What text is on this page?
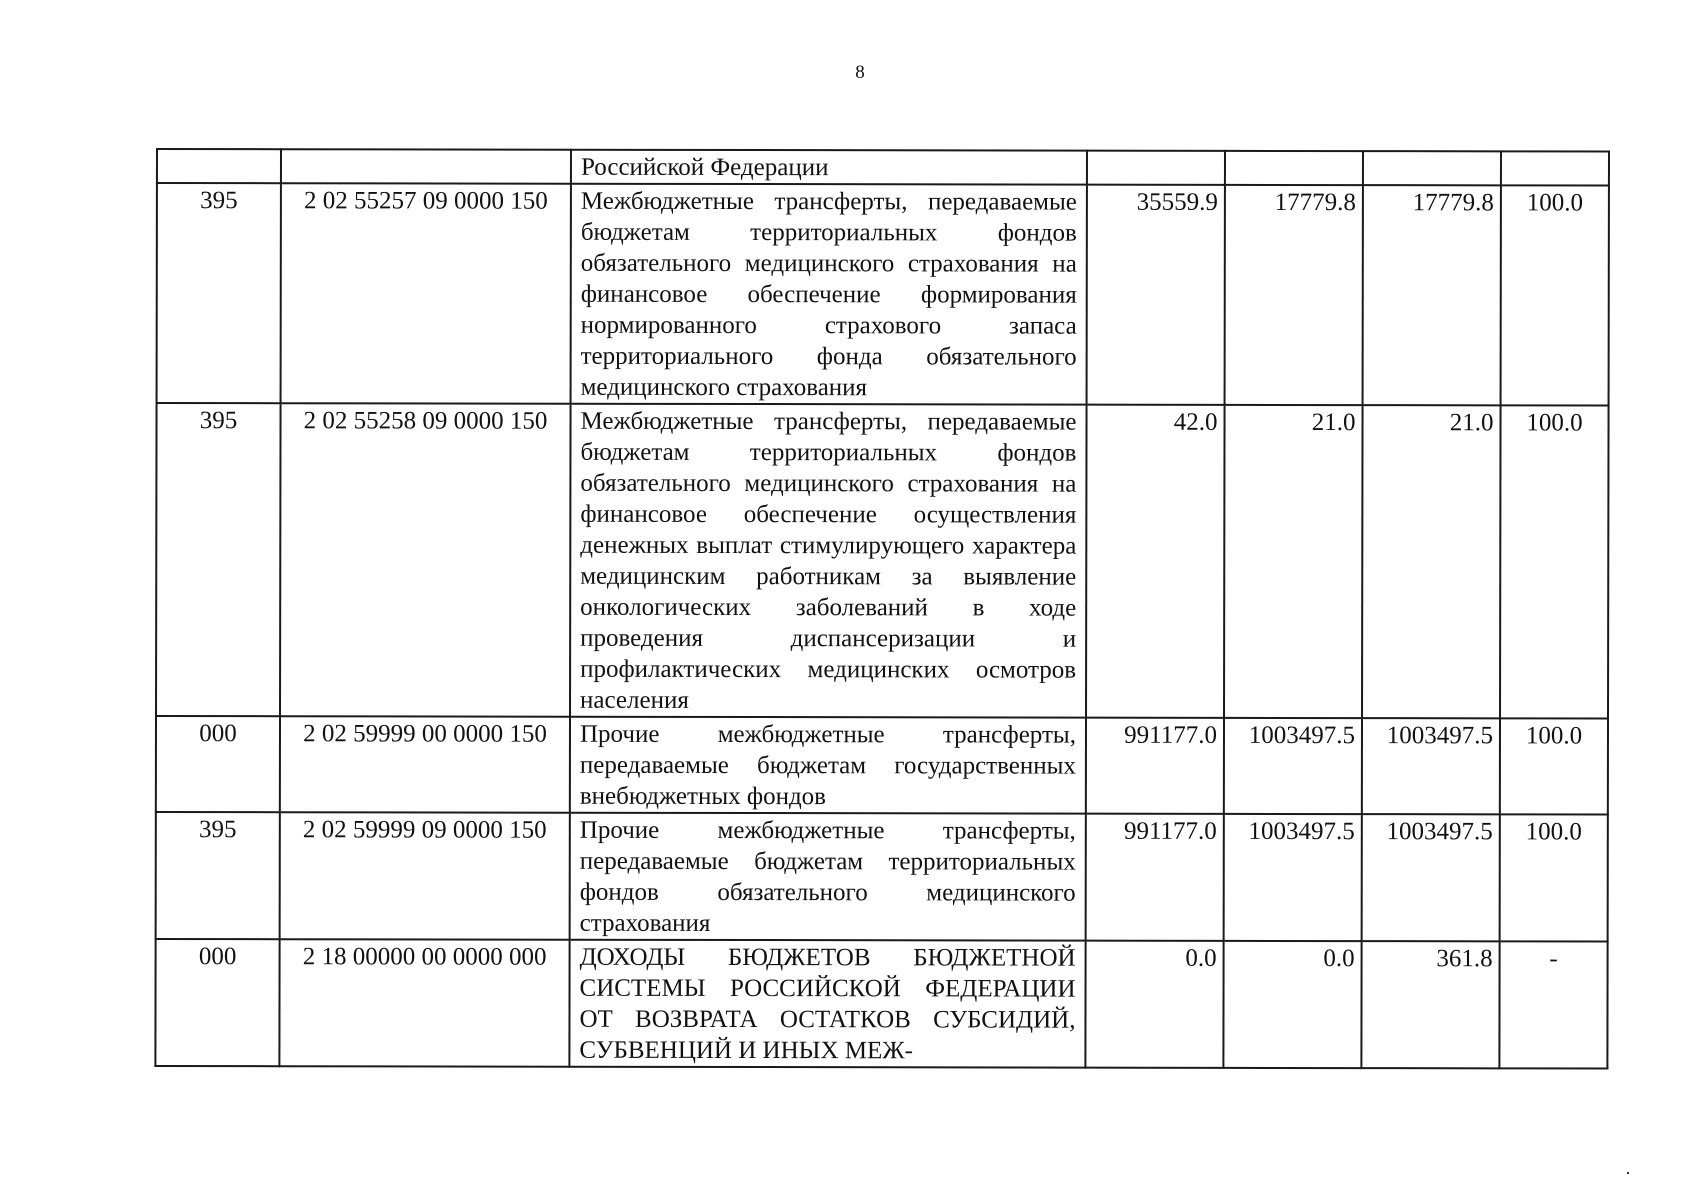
8
		Российской Федерации				
395	2 02 55257 09 0000 150	Межбюджетные трансферты, передаваемые бюджетам территориальных фондов обязательного медицинского страхования на финансовое обеспечение формирования нормированного страхового запаса территориального фонда обязательного медицинского страхования	35559.9	17779.8	17779.8	100.0
395	2 02 55258 09 0000 150	Межбюджетные трансферты, передаваемые бюджетам территориальных фондов обязательного медицинского страхования на финансовое обеспечение осуществления денежных выплат стимулирующего характера медицинским работникам за выявление онкологических заболеваний в ходе проведения диспансеризации и профилактических медицинских осмотров населения	42.0	21.0	21.0	100.0
000	2 02 59999 00 0000 150	Прочие межбюджетные трансферты, передаваемые бюджетам государственных внебюджетных фондов	991177.0	1003497.5	1003497.5	100.0
395	2 02 59999 09 0000 150	Прочие межбюджетные трансферты, передаваемые бюджетам территориальных фондов обязательного медицинского страхования	991177.0	1003497.5	1003497.5	100.0
000	2 18 00000 00 0000 000	ДОХОДЫ БЮДЖЕТОВ БЮДЖЕТНОЙ СИСТЕМЫ РОССИЙСКОЙ ФЕДЕРАЦИИ ОТ ВОЗВРАТА ОСТАТКОВ СУБСИДИЙ, СУБВЕНЦИЙ И ИНЫХ МЕЖ-	0.0	0.0	361.8	-
